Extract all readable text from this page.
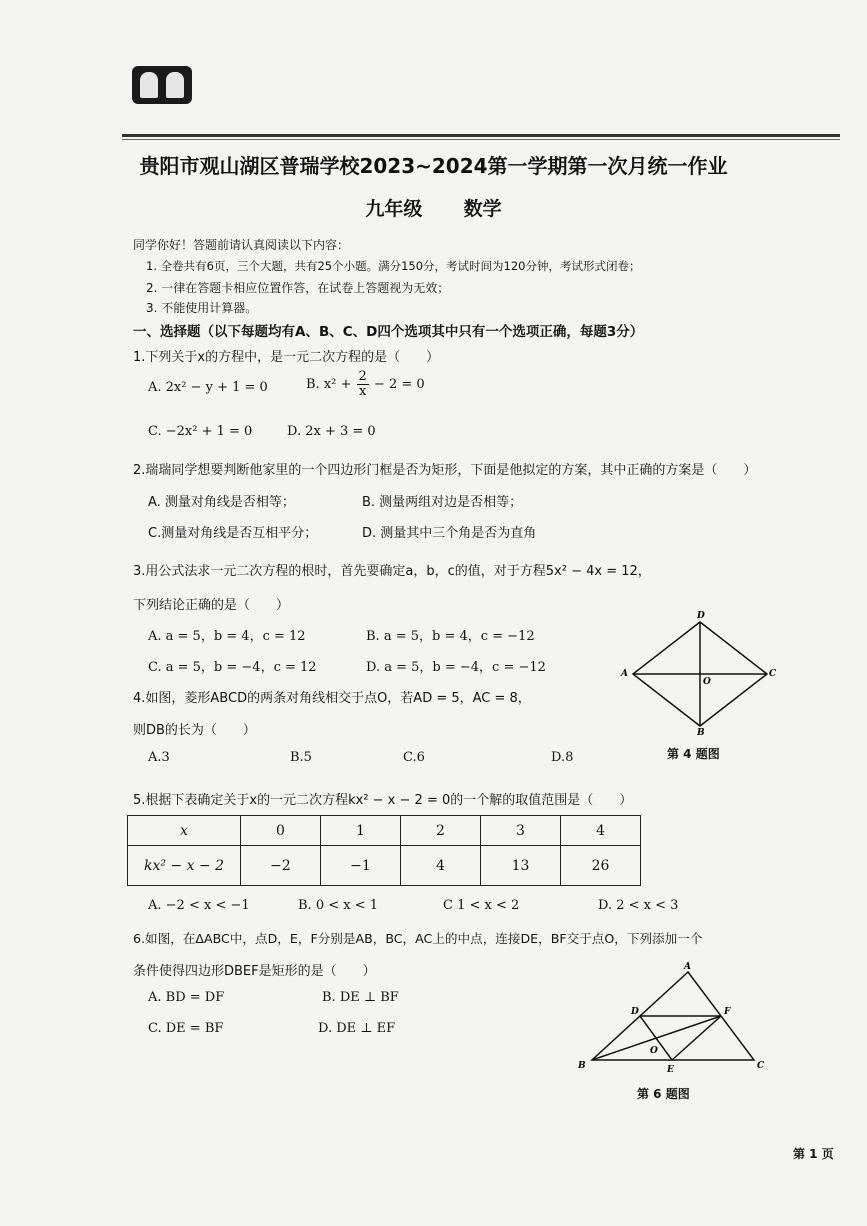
贵阳市观山湖区普瑞学校2023~2024第一学期第一次月统一作业
九年级 数学
同学你好！答题前请认真阅读以下内容：
1. 全卷共有6页，三个大题，共有25个小题。满分150分，考试时间为120分钟，考试形式闭卷；
2. 一律在答题卡相应位置作答，在试卷上答题视为无效；
3. 不能使用计算器。
一、选择题（以下每题均有A、B、C、D四个选项其中只有一个选项正确，每题3分）
1.下列关于x的方程中，是一元二次方程的是（　　）
A. 2x² − y + 1 = 0	B. $x^2 + \frac{2}{x} - 2 = 0$
C. −2x² + 1 = 0	D. 2x + 3 = 0
2.瑞瑞同学想要判断他家里的一个四边形门框是否为矩形，下面是他拟定的方案，其中正确的方案是（　　）
A. 测量对角线是否相等；	B. 测量两组对边是否相等；
C.测量对角线是否互相平分；	D. 测量其中三个角是否为直角
3.用公式法求一元二次方程的根时，首先要确定a，b，c的值，对于方程5x² − 4x = 12，
下列结论正确的是（　　）
A. a = 5，b = 4，c = 12	B. a = 5，b = 4，c = −12
C. a = 5，b = −4，c = 12	D. a = 5，b = −4，c = −12
D
A	C
B
O
4.如图，菱形ABCD的两条对角线相交于点O，若AD = 5，AC = 8，
则DB的长为（　　）
A.3	B.5	C.6	D.8	第 4 题图
5.根据下表确定关于x的一元二次方程kx² − x − 2 = 0的一个解的取值范围是（　　）
x	0	1	2	3	4
kx² − x − 2	−2	−1	4	13	26
A. −2 < x < −1	B. 0 < x < 1	C 1 < x < 2	D. 2 < x < 3
6.如图，在ΔABC中，点D，E，F分别是AB，BC，AC上的中点，连接DE，BF交于点O，下列添加一个
条件使得四边形DBEF是矩形的是（　　）
A. BD = DF	B. DE ⊥ BF
C. DE = BF	D. DE ⊥ EF
A
B	C
D
E
F
O
第 6 题图
第 1 页
